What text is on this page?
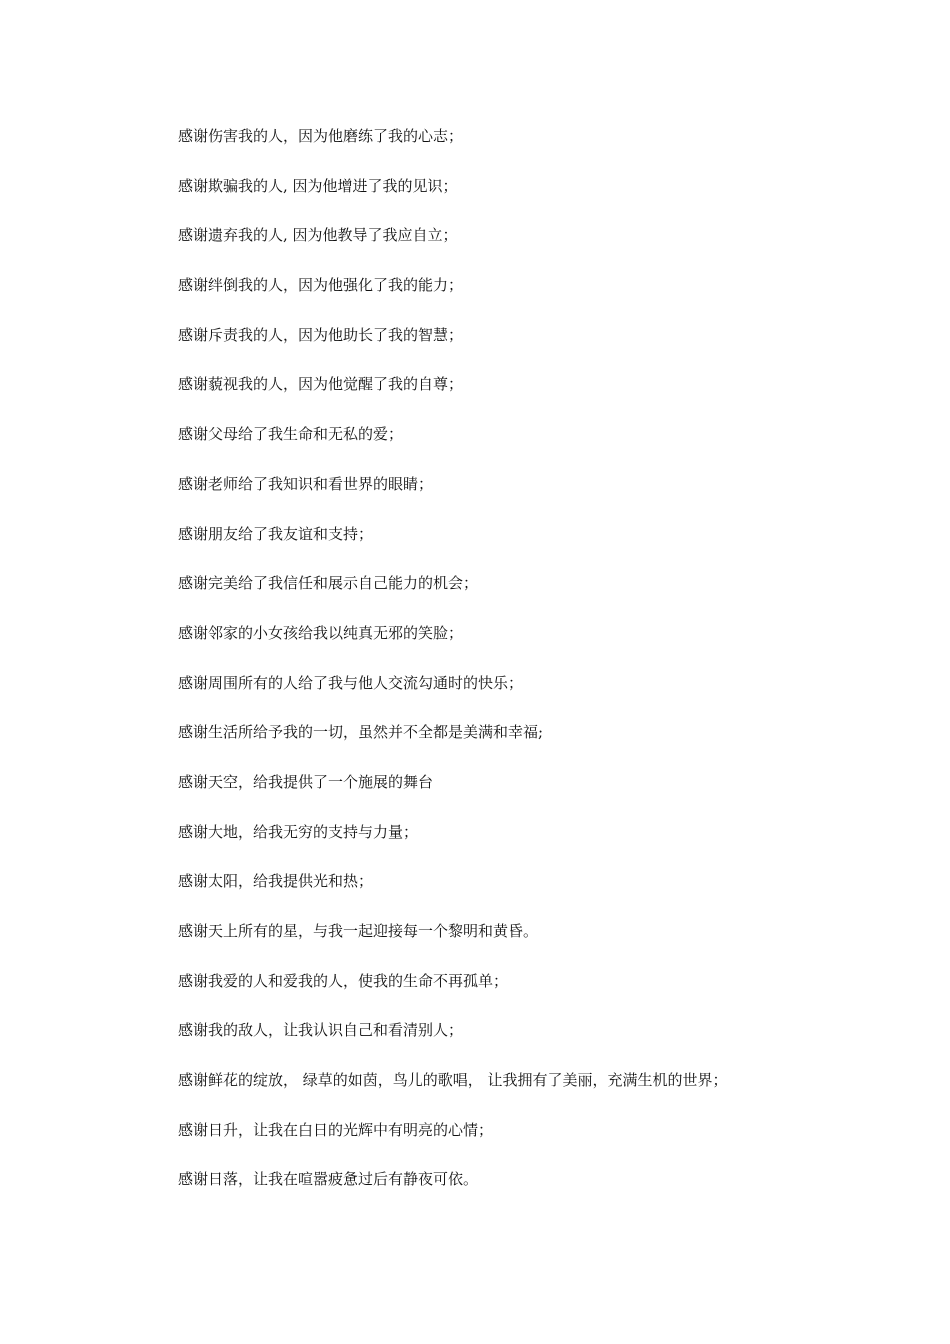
感谢伤害我的人，因为他磨练了我的心志；
感谢欺骗我的人, 因为他增进了我的见识；
感谢遗弃我的人, 因为他教导了我应自立；
感谢绊倒我的人，因为他强化了我的能力；
感谢斥责我的人，因为他助长了我的智慧；
感谢藐视我的人，因为他觉醒了我的自尊；
感谢父母给了我生命和无私的爱；
感谢老师给了我知识和看世界的眼睛；
感谢朋友给了我友谊和支持；
感谢完美给了我信任和展示自己能力的机会；
感谢邻家的小女孩给我以纯真无邪的笑脸；
感谢周围所有的人给了我与他人交流勾通时的快乐；
感谢生活所给予我的一切，虽然并不全都是美满和幸福;
感谢天空，给我提供了一个施展的舞台
感谢大地，给我无穷的支持与力量；
感谢太阳，给我提供光和热；
感谢天上所有的星，与我一起迎接每一个黎明和黄昏。
感谢我爱的人和爱我的人，使我的生命不再孤单；
感谢我的敌人，让我认识自己和看清别人；
感谢鲜花的绽放， 绿草的如茵，鸟儿的歌唱， 让我拥有了美丽，充满生机的世界；
感谢日升，让我在白日的光辉中有明亮的心情；
感谢日落，让我在喧嚣疲惫过后有静夜可依。
